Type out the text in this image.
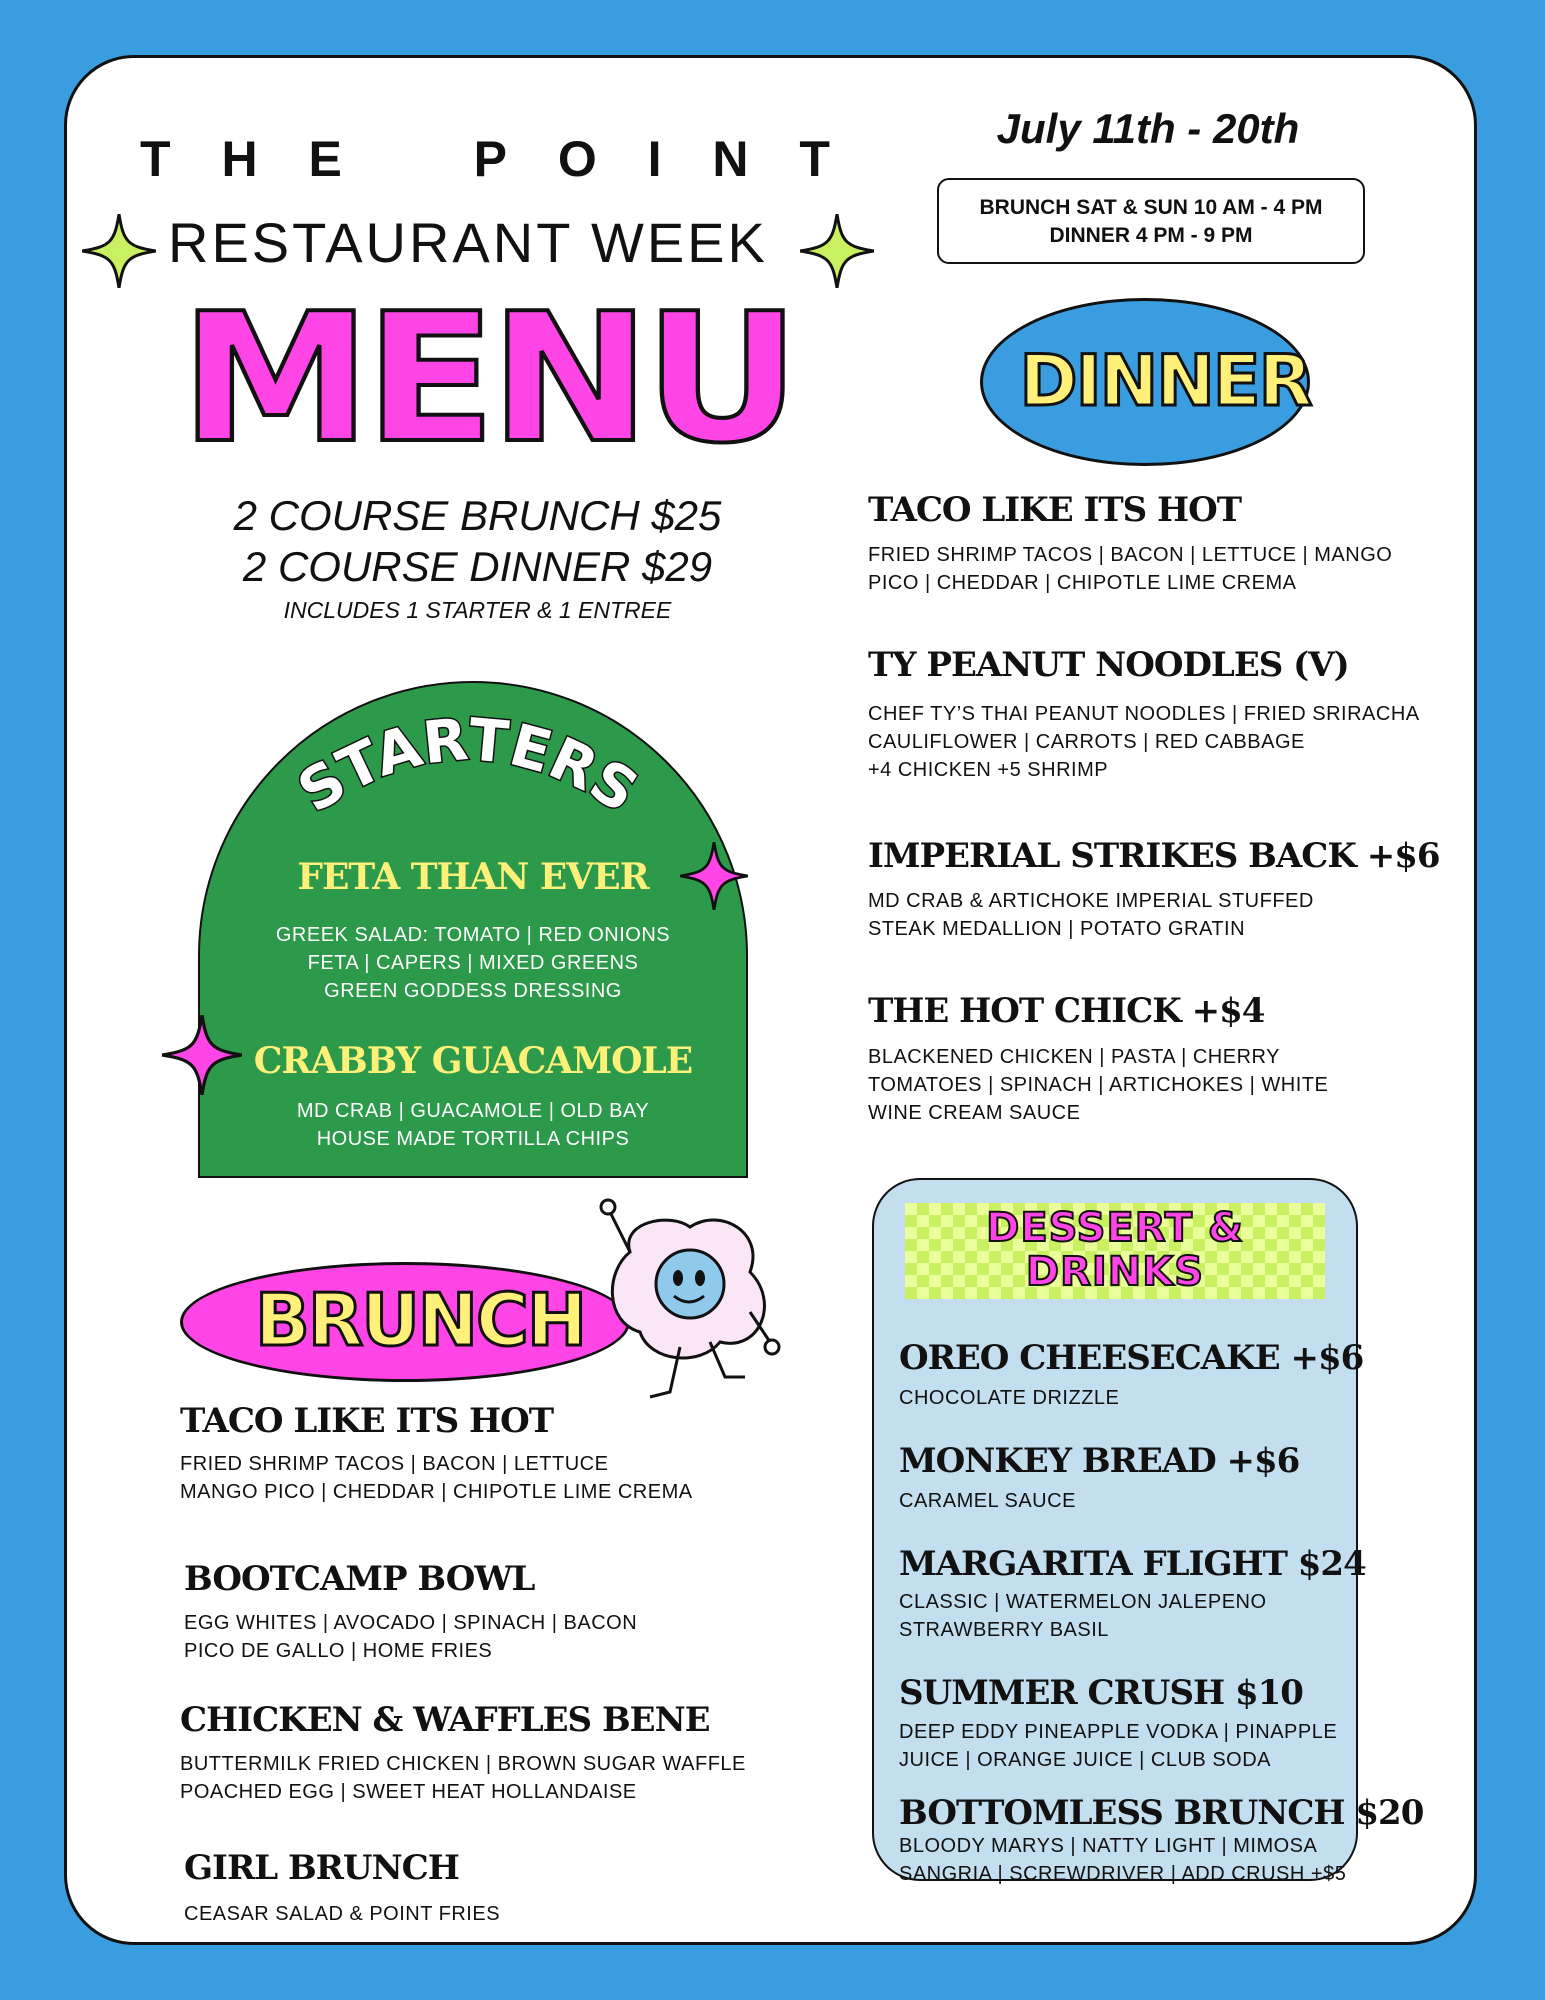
T H E	P O I N T
RESTAURANT WEEK
MENU
July 11th - 20th
BRUNCH SAT & SUN 10 AM - 4 PM
DINNER 4 PM - 9 PM
2 COURSE BRUNCH $25
2 COURSE DINNER $29
INCLUDES 1 STARTER & 1 ENTREE
STARTERS
FETA THAN EVER
GREEK SALAD: TOMATO | RED ONIONS
FETA | CAPERS | MIXED GREENS
GREEN GODDESS DRESSING
CRABBY GUACAMOLE
MD CRAB | GUACAMOLE | OLD BAY
HOUSE MADE TORTILLA CHIPS
DINNER
TACO LIKE ITS HOT
FRIED SHRIMP TACOS | BACON | LETTUCE | MANGO
PICO | CHEDDAR | CHIPOTLE LIME CREMA
TY PEANUT NOODLES (V)
CHEF TY’S THAI PEANUT NOODLES | FRIED SRIRACHA
CAULIFLOWER | CARROTS | RED CABBAGE
+4 CHICKEN +5 SHRIMP
IMPERIAL STRIKES BACK +$6
MD CRAB & ARTICHOKE IMPERIAL STUFFED
STEAK MEDALLION | POTATO GRATIN
THE HOT CHICK +$4
BLACKENED CHICKEN | PASTA | CHERRY
TOMATOES | SPINACH | ARTICHOKES | WHITE
WINE CREAM SAUCE
BRUNCH
TACO LIKE ITS HOT
FRIED SHRIMP TACOS | BACON | LETTUCE
MANGO PICO | CHEDDAR | CHIPOTLE LIME CREMA
BOOTCAMP BOWL
EGG WHITES | AVOCADO | SPINACH | BACON
PICO DE GALLO | HOME FRIES
CHICKEN & WAFFLES BENE
BUTTERMILK FRIED CHICKEN | BROWN SUGAR WAFFLE
POACHED EGG | SWEET HEAT HOLLANDAISE
GIRL BRUNCH
CEASAR SALAD & POINT FRIES
DESSERT &
DRINKS
OREO CHEESECAKE +$6
CHOCOLATE DRIZZLE
MONKEY BREAD +$6
CARAMEL SAUCE
MARGARITA FLIGHT $24
CLASSIC | WATERMELON JALEPENO
STRAWBERRY BASIL
SUMMER CRUSH $10
DEEP EDDY PINEAPPLE VODKA | PINAPPLE
JUICE | ORANGE JUICE | CLUB SODA
BOTTOMLESS BRUNCH $20
BLOODY MARYS | NATTY LIGHT | MIMOSA
SANGRIA | SCREWDRIVER | ADD CRUSH +$5
